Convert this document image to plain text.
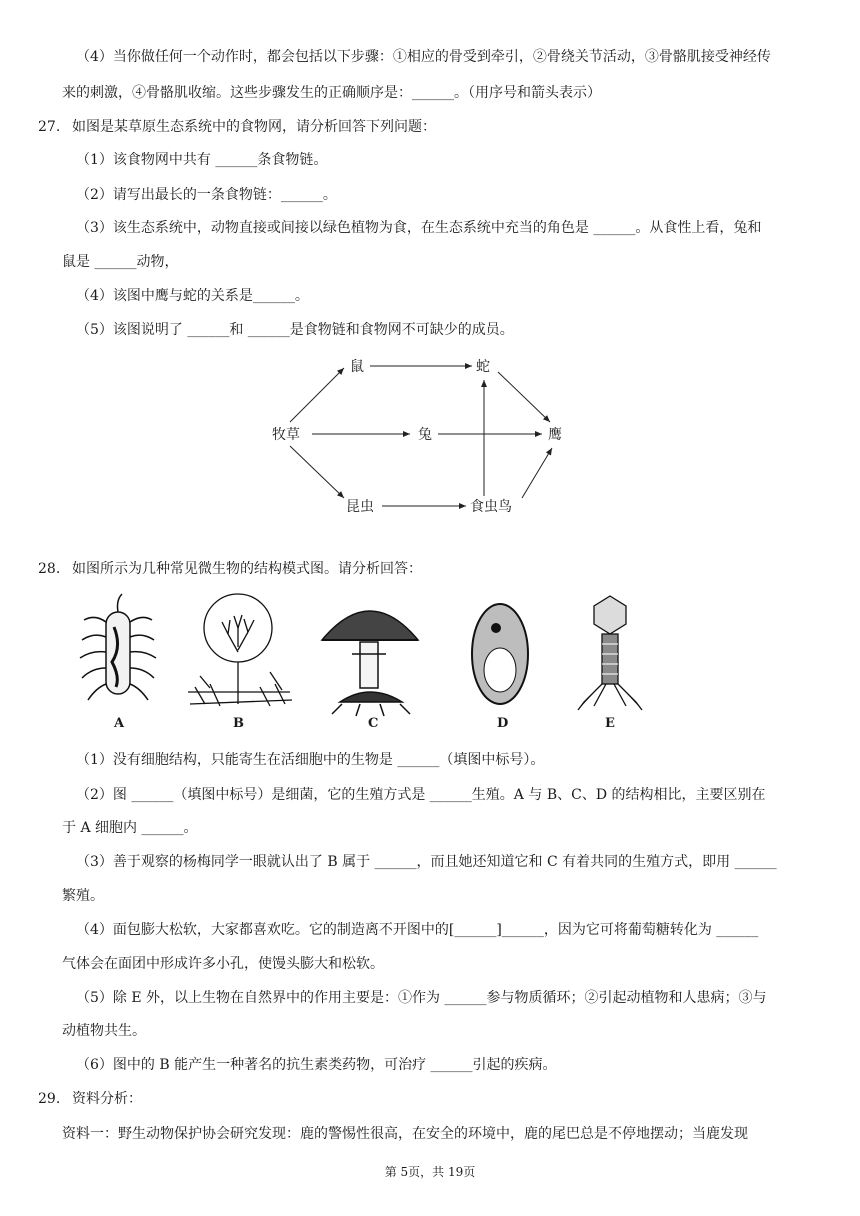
（4）当你做任何一个动作时，都会包括以下步骤：①相应的骨受到牵引，②骨绕关节活动，③骨骼肌接受神经传
来的刺激，④骨骼肌收缩。这些步骤发生的正确顺序是：______。（用序号和箭头表示）
27. 如图是某草原生态系统中的食物网，请分析回答下列问题：
（1）该食物网中共有 ______条食物链。
（2）请写出最长的一条食物链：______。
（3）该生态系统中，动物直接或间接以绿色植物为食，在生态系统中充当的角色是 ______。从食性上看，兔和
鼠是 ______动物，
（4）该图中鹰与蛇的关系是______。
（5）该图说明了 ______和 ______是食物链和食物网不可缺少的成员。
牧草
鼠	蛇
兔	鹰
昆虫	食虫鸟
28. 如图所示为几种常见微生物的结构模式图。请分析回答：
A	B	C	D	E
（1）没有细胞结构，只能寄生在活细胞中的生物是 ______（填图中标号）。
（2）图 ______（填图中标号）是细菌，它的生殖方式是 ______生殖。A 与 B、C、D 的结构相比，主要区别在
于 A 细胞内 ______。
（3）善于观察的杨梅同学一眼就认出了 B 属于 ______，而且她还知道它和 C 有着共同的生殖方式，即用 ______
繁殖。
（4）面包膨大松软，大家都喜欢吃。它的制造离不开图中的[______]______，因为它可将葡萄糖转化为 ______
气体会在面团中形成许多小孔，使馒头膨大和松软。
（5）除 E 外，以上生物在自然界中的作用主要是：①作为 ______参与物质循环；②引起动植物和人患病；③与
动植物共生。
（6）图中的 B 能产生一种著名的抗生素类药物，可治疗 ______引起的疾病。
29. 资料分析：
资料一：野生动物保护协会研究发现：鹿的警惕性很高，在安全的环境中，鹿的尾巴总是不停地摆动；当鹿发现
第 5页，共 19页
